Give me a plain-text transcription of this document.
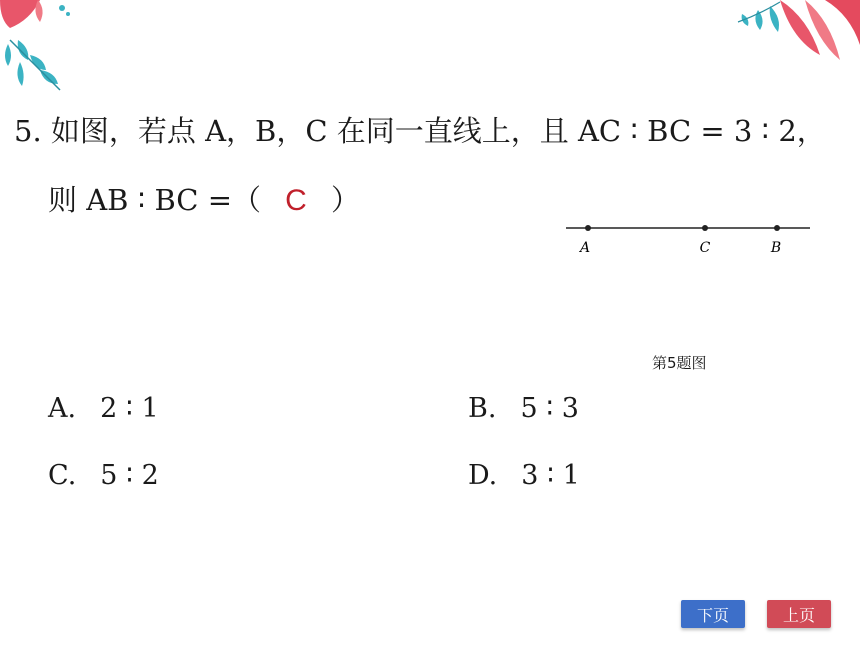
5. 如图，若点 A，B，C 在同一直线上，且 AC ∶ BC = 3 ∶ 2，
则 AB ∶ BC =（ C ）
A	C	B
第5题图
A. 2 ∶ 1	B. 5 ∶ 3
C. 5 ∶ 2	D. 3 ∶ 1
下页	上页
